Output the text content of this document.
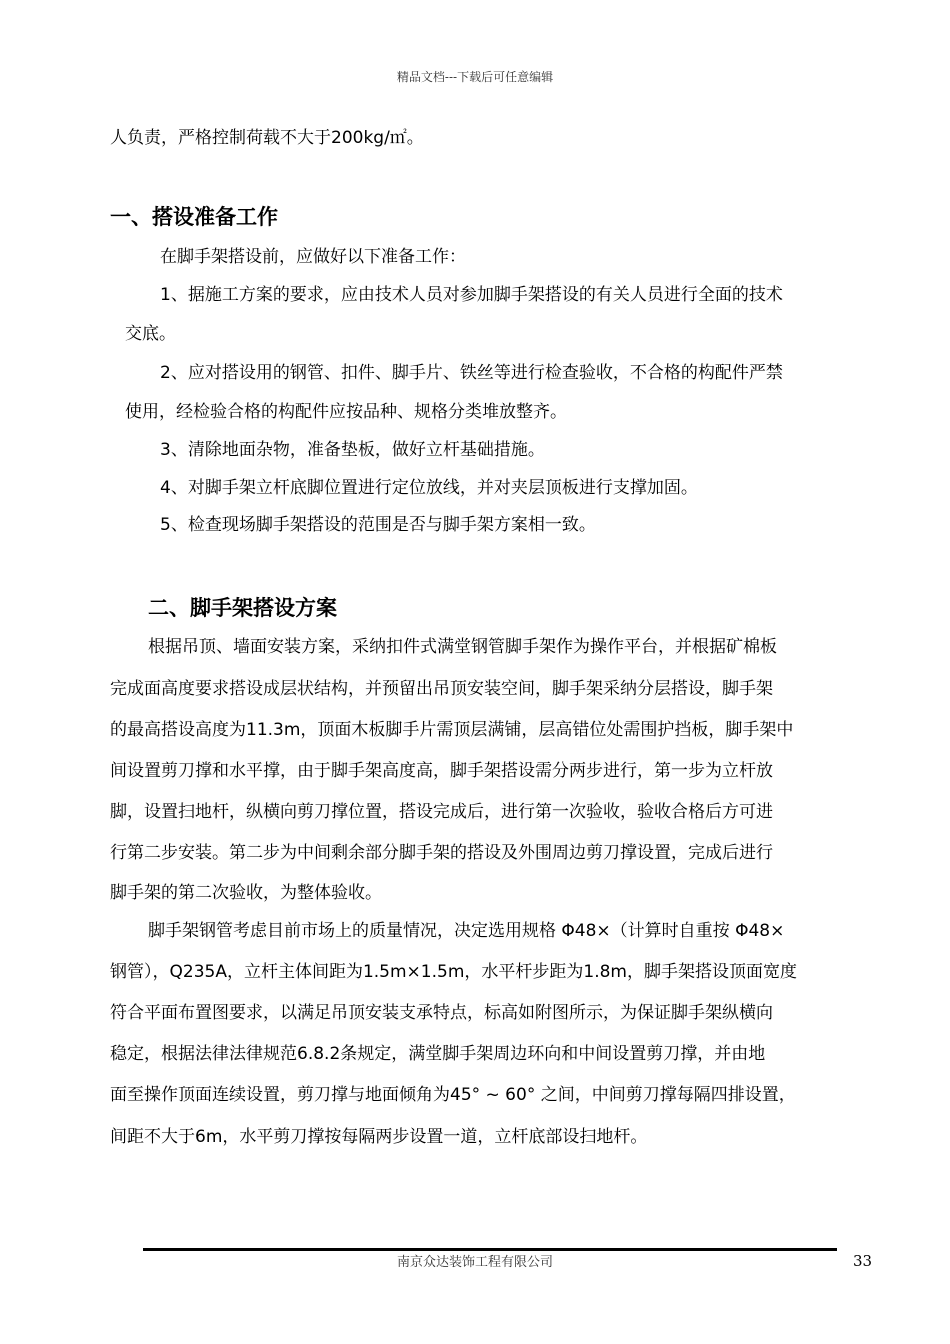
精品文档---下载后可任意编辑
人负责，严格控制荷载不大于200kg/㎡。
一、搭设准备工作
在脚手架搭设前，应做好以下准备工作：
1、据施工方案的要求，应由技术人员对参加脚手架搭设的有关人员进行全面的技术
交底。
2、应对搭设用的钢管、扣件、脚手片、铁丝等进行检查验收，不合格的构配件严禁
使用，经检验合格的构配件应按品种、规格分类堆放整齐。
3、清除地面杂物，准备垫板，做好立杆基础措施。
4、对脚手架立杆底脚位置进行定位放线，并对夹层顶板进行支撑加固。
5、检查现场脚手架搭设的范围是否与脚手架方案相一致。
二、脚手架搭设方案
根据吊顶、墙面安装方案，采纳扣件式满堂钢管脚手架作为操作平台，并根据矿棉板
完成面高度要求搭设成层状结构，并预留出吊顶安装空间，脚手架采纳分层搭设，脚手架
的最高搭设高度为11.3m，顶面木板脚手片需顶层满铺，层高错位处需围护挡板，脚手架中
间设置剪刀撑和水平撑，由于脚手架高度高，脚手架搭设需分两步进行，第一步为立杆放
脚，设置扫地杆，纵横向剪刀撑位置，搭设完成后，进行第一次验收，验收合格后方可进
行第二步安装。第二步为中间剩余部分脚手架的搭设及外围周边剪刀撑设置，完成后进行
脚手架的第二次验收，为整体验收。
脚手架钢管考虑目前市场上的质量情况，决定选用规格 Φ48×（计算时自重按 Φ48×
钢管），Q235A，立杆主体间距为1.5m×1.5m，水平杆步距为1.8m，脚手架搭设顶面宽度
符合平面布置图要求，以满足吊顶安装支承特点，标高如附图所示，为保证脚手架纵横向
稳定，根据法律法律规范6.8.2条规定，满堂脚手架周边环向和中间设置剪刀撑，并由地
面至操作顶面连续设置，剪刀撑与地面倾角为45° ~ 60° 之间，中间剪刀撑每隔四排设置，
间距不大于6m，水平剪刀撑按每隔两步设置一道，立杆底部设扫地杆。
南京众达装饰工程有限公司	33
